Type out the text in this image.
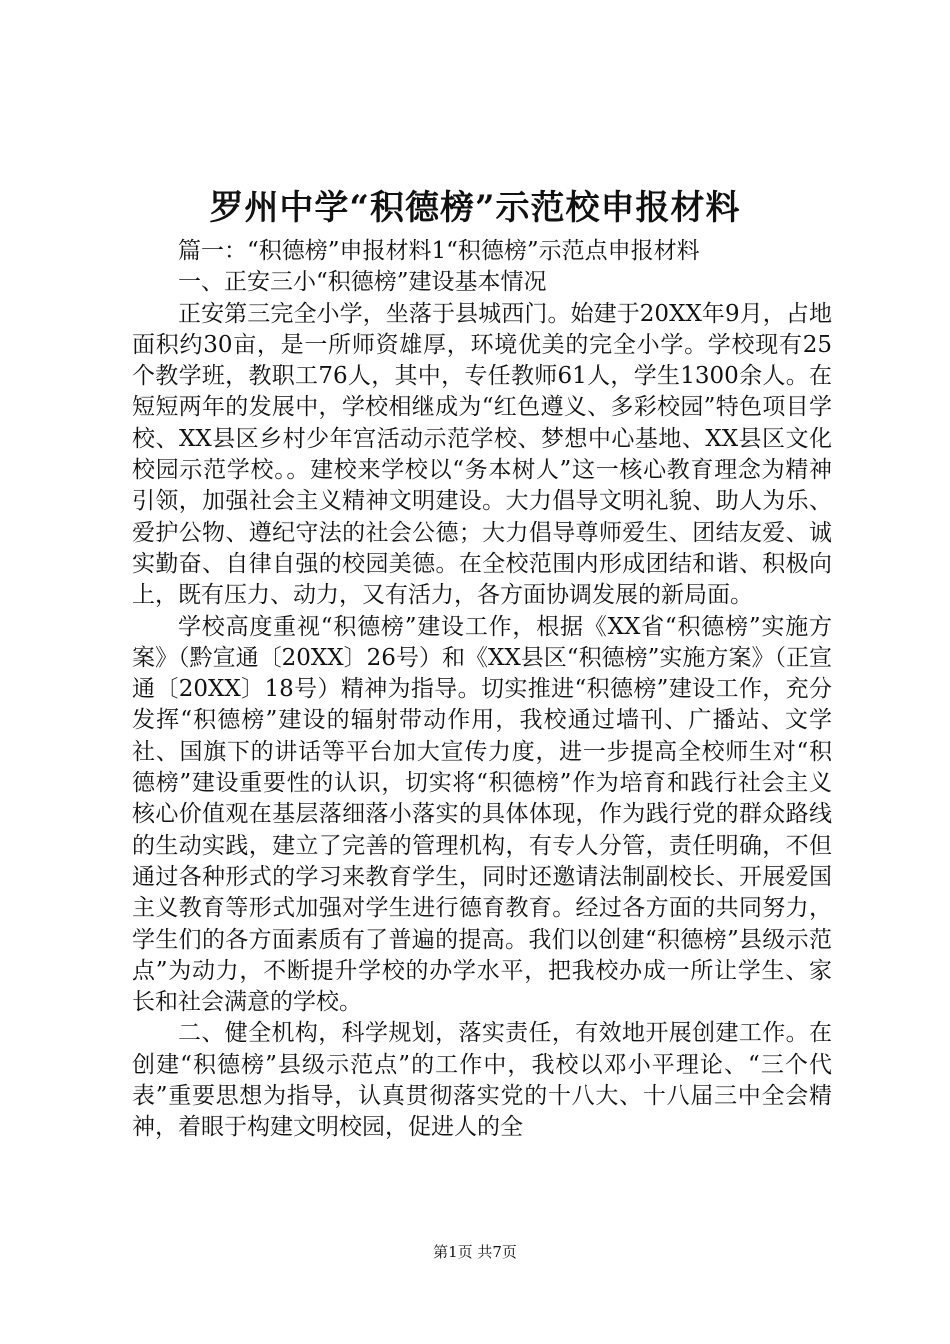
罗州中学“积德榜”示范校申报材料

篇一：“积德榜”申报材料1“积德榜”示范点申报材料

一、正安三小“积德榜”建设基本情况

正安第三完全小学，坐落于县城西门。始建于20XX年9月，占地面积约30亩，是一所师资雄厚，环境优美的完全小学。学校现有25个教学班，教职工76人，其中，专任教师61人，学生1300余人。在短短两年的发展中，学校相继成为“红色遵义、多彩校园”特色项目学校、XX县区乡村少年宫活动示范学校、梦想中心基地、XX县区文化校园示范学校。。建校来学校以“务本树人”这一核心教育理念为精神引领，加强社会主义精神文明建设。大力倡导文明礼貌、助人为乐、爱护公物、遵纪守法的社会公德；大力倡导尊师爱生、团结友爱、诚实勤奋、自律自强的校园美德。在全校范围内形成团结和谐、积极向上，既有压力、动力，又有活力，各方面协调发展的新局面。

学校高度重视“积德榜”建设工作，根据《XX省“积德榜”实施方案》（黔宣通〔20XX〕26号）和《XX县区“积德榜”实施方案》（正宣通〔20XX〕18号）精神为指导。切实推进“积德榜”建设工作，充分发挥“积德榜”建设的辐射带动作用，我校通过墙刊、广播站、文学社、国旗下的讲话等平台加大宣传力度，进一步提高全校师生对“积德榜”建设重要性的认识，切实将“积德榜”作为培育和践行社会主义核心价值观在基层落细落小落实的具体体现，作为践行党的群众路线的生动实践，建立了完善的管理机构，有专人分管，责任明确，不但通过各种形式的学习来教育学生，同时还邀请法制副校长、开展爱国主义教育等形式加强对学生进行德育教育。经过各方面的共同努力，学生们的各方面素质有了普遍的提高。我们以创建“积德榜”县级示范点”为动力，不断提升学校的办学水平，把我校办成一所让学生、家长和社会满意的学校。

二、健全机构，科学规划，落实责任，有效地开展创建工作。在创建“积德榜”县级示范点”的工作中，我校以邓小平理论、“三个代表”重要思想为指导，认真贯彻落实党的十八大、十八届三中全会精神，着眼于构建文明校园，促进人的全

第1页 共7页
